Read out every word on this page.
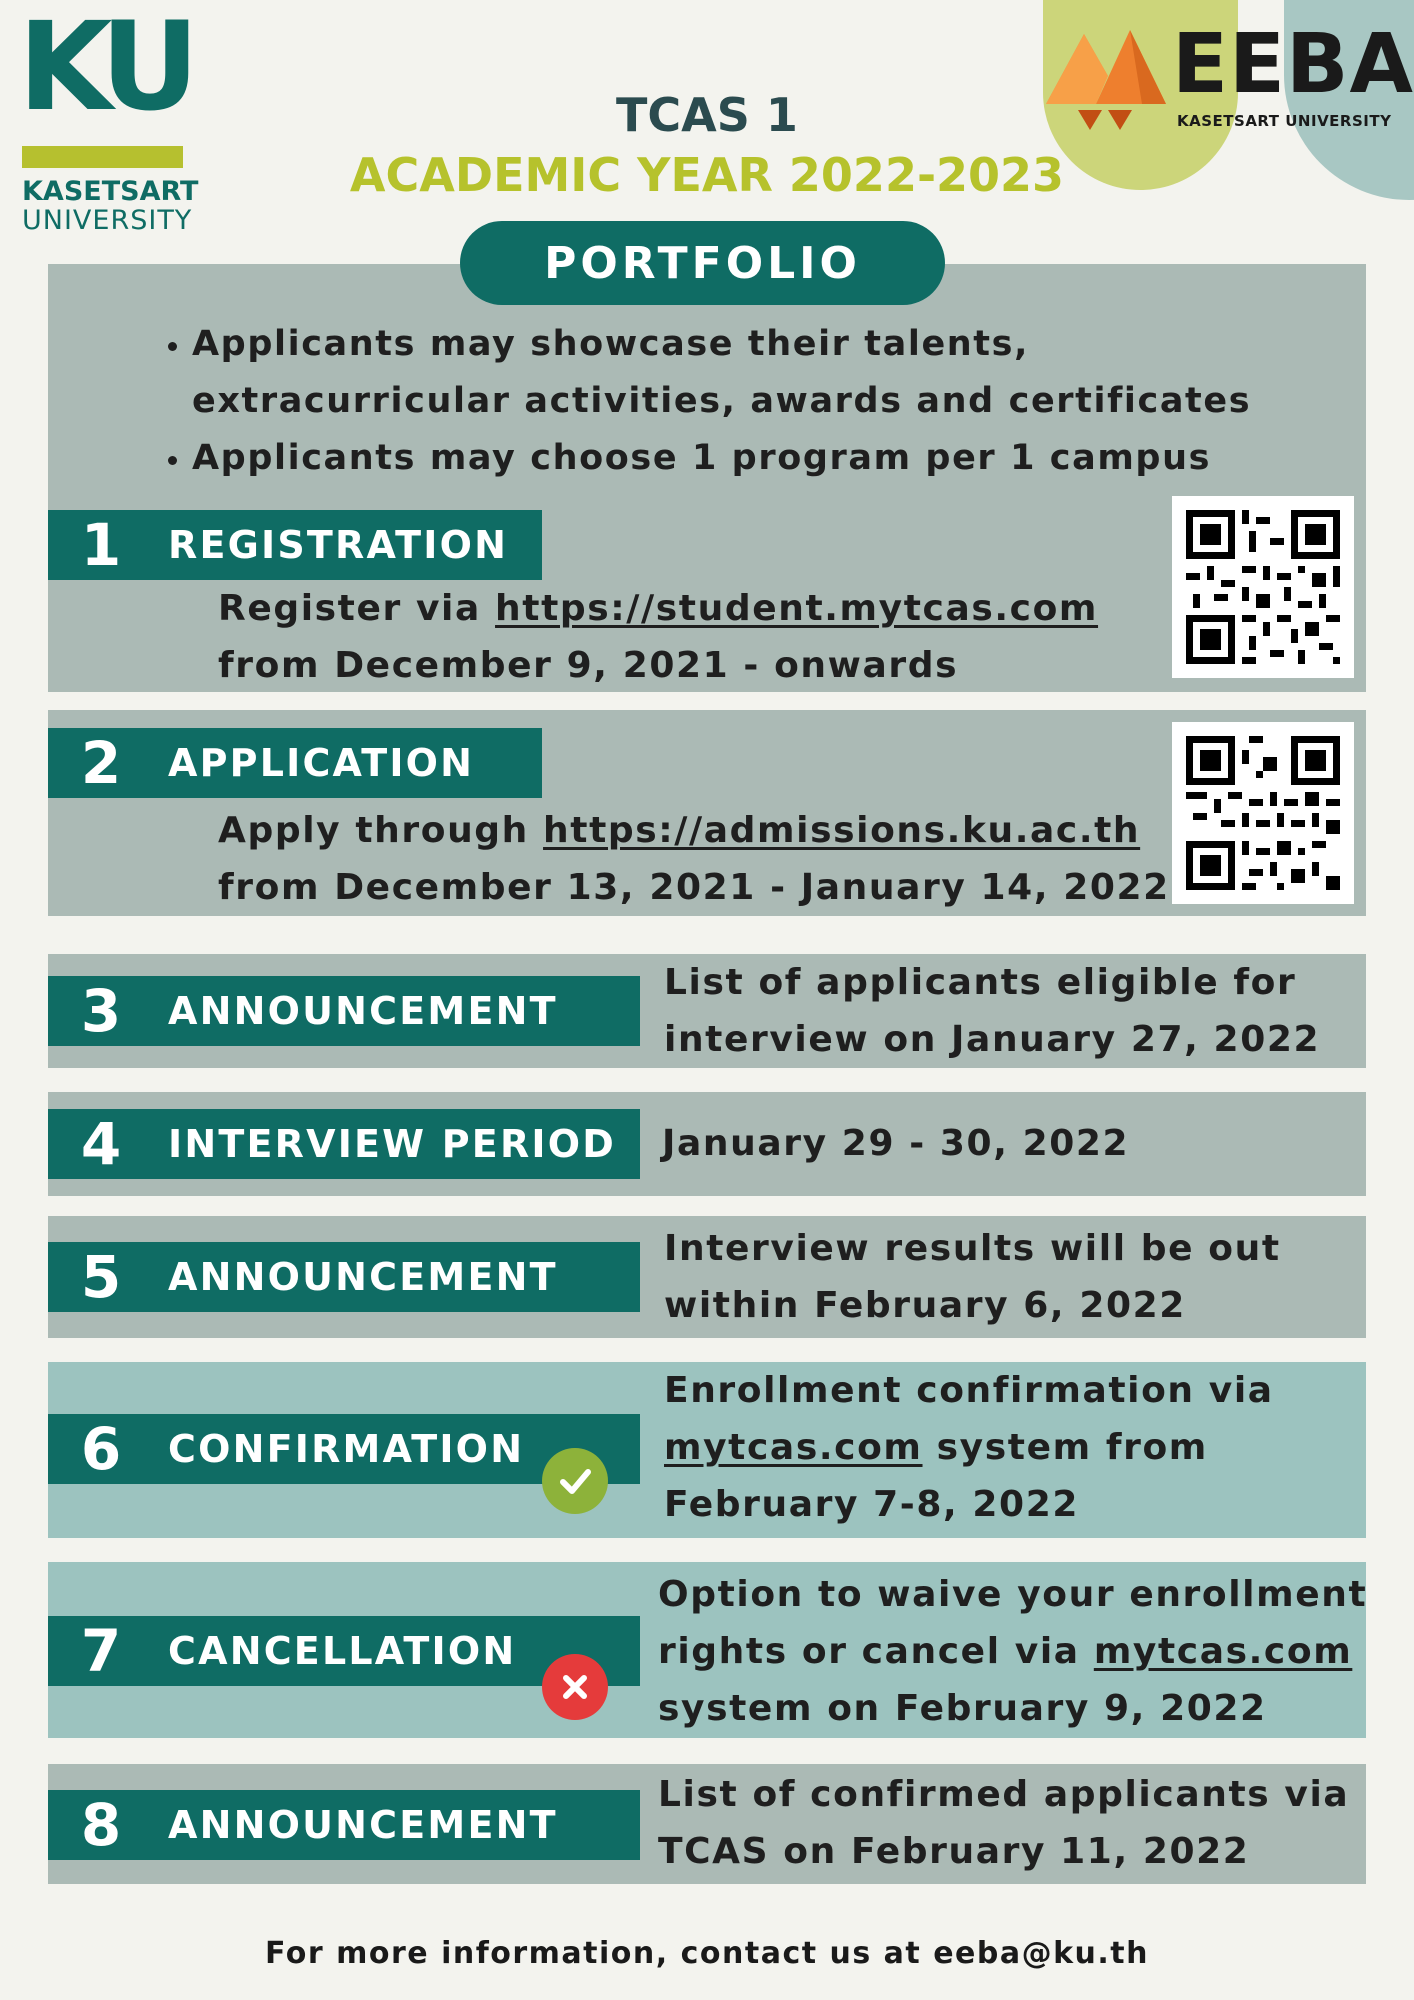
KU
KASETSART
UNIVERSITY
EEBA
KASETSART UNIVERSITY
TCAS 1
ACADEMIC YEAR 2022-2023
PORTFOLIO
• Applicants may showcase their talents, extracurricular activities, awards and certificates
• Applicants may choose 1 program per 1 campus
1	REGISTRATION
Register via https://student.mytcas.com
from December 9, 2021 - onwards
2	APPLICATION
Apply through https://admissions.ku.ac.th
from December 13, 2021 - January 14, 2022
3	ANNOUNCEMENT
List of applicants eligible for
interview on January 27, 2022
4	INTERVIEW PERIOD January 29 - 30, 2022
5	ANNOUNCEMENT
Interview results will be out
within February 6, 2022
6	CONFIRMATION
Enrollment confirmation via
mytcas.com system from
February 7-8, 2022
7	CANCELLATION
Option to waive your enrollment
rights or cancel via mytcas.com
system on February 9, 2022
8	ANNOUNCEMENT
List of confirmed applicants via
TCAS on February 11, 2022
For more information, contact us at eeba@ku.th
